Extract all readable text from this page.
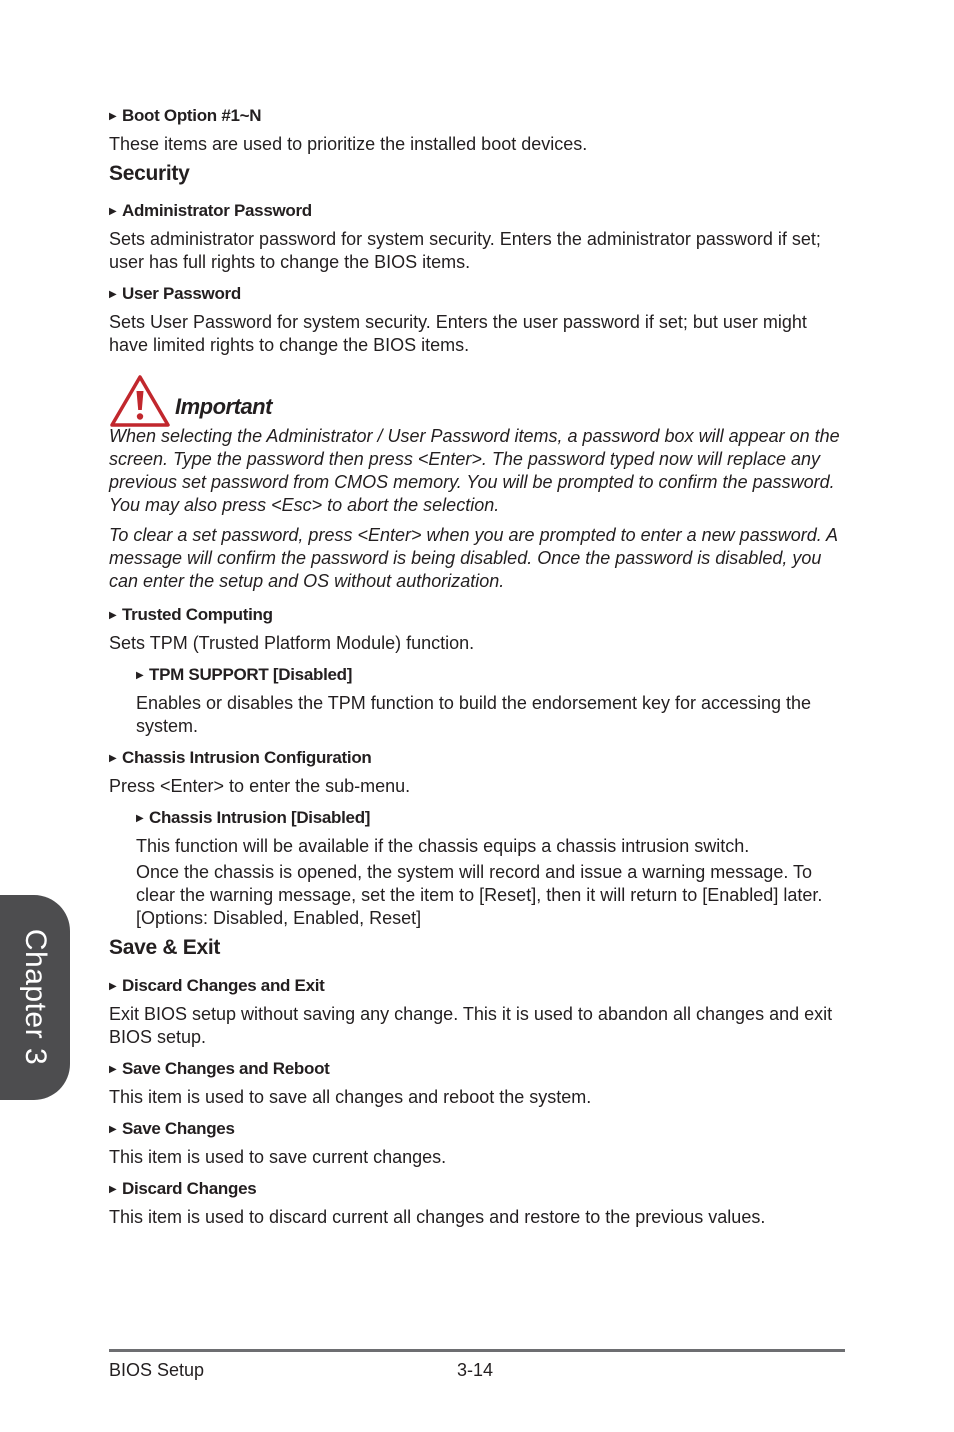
▶ Boot Option #1~N

These items are used to prioritize the installed boot devices.

Security
▶ Administrator Password

Sets administrator password for system security. Enters the administrator password if set; user has full rights to change the BIOS items.

▶ User Password

Sets User Password for system security. Enters the user password if set; but user might have limited rights to change the BIOS items.

Important

When selecting the Administrator / User Password items, a password box will appear on the screen. Type the password then press <Enter>. The password typed now will replace any previous set password from CMOS memory. You will be prompted to confirm the password. You may also press <Esc> to abort the selection.

To clear a set password, press <Enter> when you are prompted to enter a new password. A message will confirm the password is being disabled. Once the password is disabled, you can enter the setup and OS without authorization.

▶ Trusted Computing

Sets TPM (Trusted Platform Module) function.

▶ TPM SUPPORT [Disabled]

Enables or disables the TPM function to build the endorsement key for accessing the system.

▶ Chassis Intrusion Configuration

Press <Enter> to enter the sub-menu.

▶ Chassis Intrusion [Disabled]

This function will be available if the chassis equips a chassis intrusion switch.

Once the chassis is opened, the system will record and issue a warning message. To clear the warning message, set the item to [Reset], then it will return to [Enabled] later. [Options: Disabled, Enabled, Reset]

Save & Exit
▶ Discard Changes and Exit

Exit BIOS setup without saving any change. This it is used to abandon all changes and exit BIOS setup.

▶ Save Changes and Reboot

This item is used to save all changes and reboot the system.

▶ Save Changes

This item is used to save current changes.

▶ Discard Changes

This item is used to discard current all changes and restore to the previous values.

BIOS Setup	3-14
Chapter 3
